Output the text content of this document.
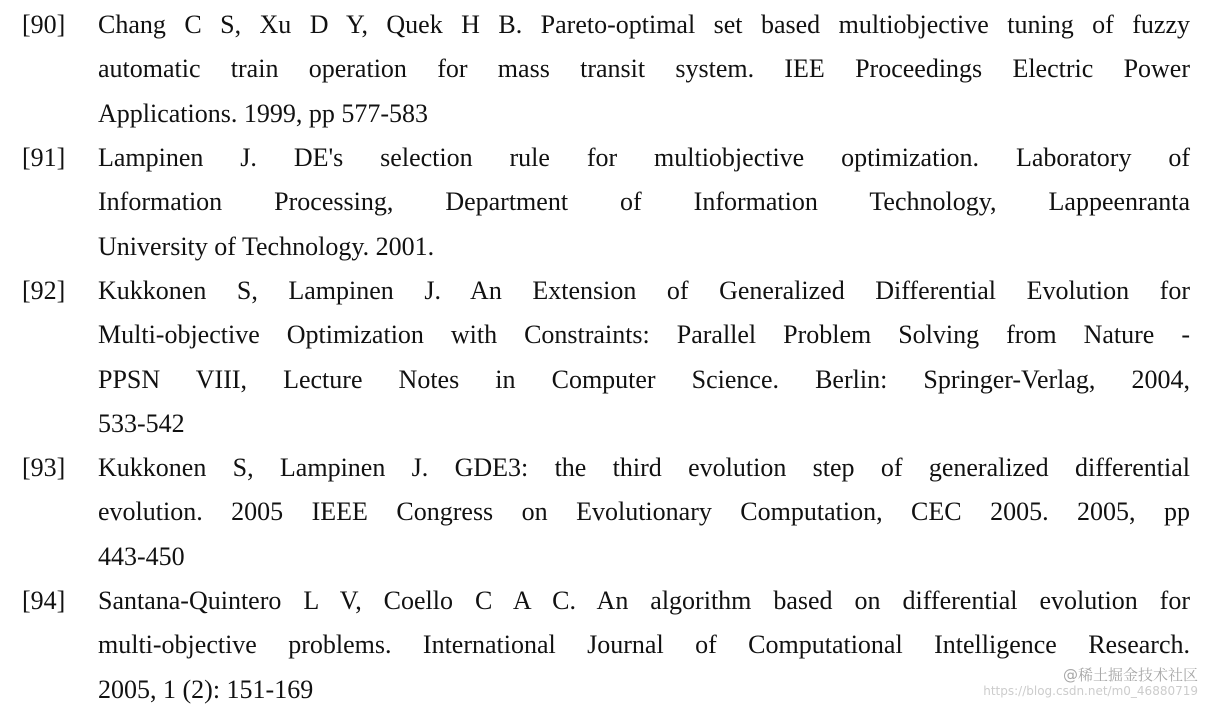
[90] Chang C S, Xu D Y, Quek H B. Pareto-optimal set based multiobjective tuning of fuzzy
automatic train operation for mass transit system. IEE Proceedings Electric Power
Applications. 1999, pp 577-583
[91] Lampinen J. DE's selection rule for multiobjective optimization. Laboratory of
Information Processing, Department of Information Technology, Lappeenranta
University of Technology. 2001.
[92] Kukkonen S, Lampinen J. An Extension of Generalized Differential Evolution for
Multi-objective Optimization with Constraints: Parallel Problem Solving from Nature -
PPSN VIII, Lecture Notes in Computer Science. Berlin: Springer-Verlag, 2004,
533-542
[93] Kukkonen S, Lampinen J. GDE3: the third evolution step of generalized differential
evolution. 2005 IEEE Congress on Evolutionary Computation, CEC 2005. 2005, pp
443-450
[94] Santana-Quintero L V, Coello C A C. An algorithm based on differential evolution for
multi-objective problems. International Journal of Computational Intelligence Research.
2005, 1 (2): 151-169	@稀土掘金技术社区
https://blog.csdn.net/m0_46880719
